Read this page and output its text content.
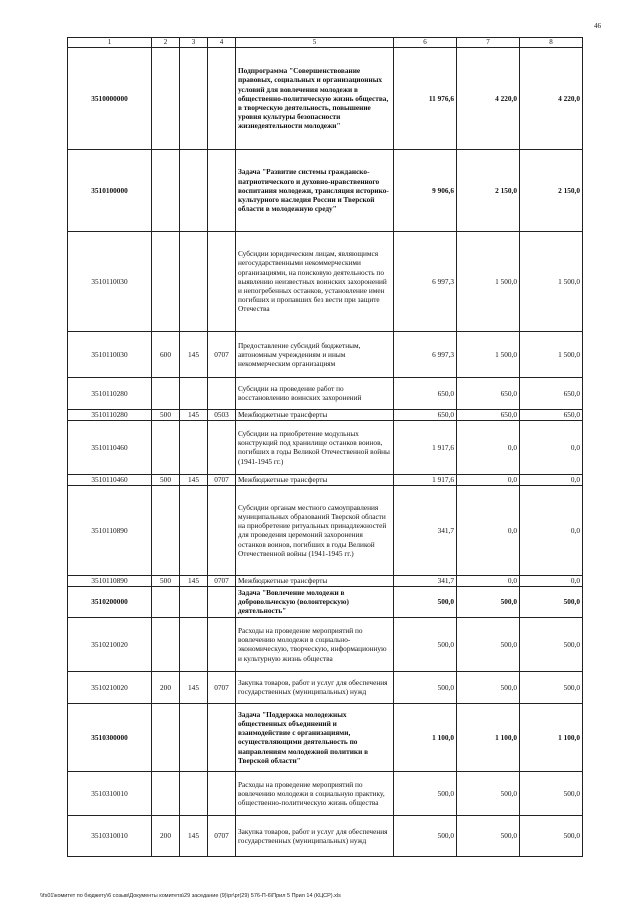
46
1	2	3	4	5	6	7	8
3510000000				Подпрограмма "Совершенствование правовых, социальных и организационных условий для вовлечения молодежи в общественно-политическую жизнь общества, в творческую деятельность, повышение уровня культуры безопасности жизнедеятельности молодежи"	11 976,6	4 220,0	4 220,0
3510100000				Задача "Развитие системы гражданско-патриотического и духовно-нравственного воспитания молодежи, трансляция историко-культурного наследия России и Тверской области в молодежную среду"	9 906,6	2 150,0	2 150,0
3510110030				Субсидии юридическим лицам, являющимся негосударственными некоммерческими организациями, на поисковую деятельность по выявлению неизвестных воинских захоронений и непогребенных останков, установление имен погибших и пропавших без вести при защите Отечества	6 997,3	1 500,0	1 500,0
3510110030	600	145	0707	Предоставление субсидий бюджетным, автономным учреждениям и иным некоммерческим организациям	6 997,3	1 500,0	1 500,0
3510110280				Субсидии на проведение работ по восстановлению воинских захоронений	650,0	650,0	650,0
3510110280	500	145	0503	Межбюджетные трансферты	650,0	650,0	650,0
3510110460				Субсидии на приобретение модульных конструкций под хранилище останков воинов, погибших в годы Великой Отечественной войны (1941-1945 гг.)	1 917,6	0,0	0,0
3510110460	500	145	0707	Межбюджетные трансферты	1 917,6	0,0	0,0
3510110890				Субсидии органам местного самоуправления муниципальных образований Тверской области на приобретение ритуальных принадлежностей для проведения церемоний захоронения останков воинов, погибших в годы Великой Отечественной войны (1941-1945 гг.)	341,7	0,0	0,0
3510110890	500	145	0707	Межбюджетные трансферты	341,7	0,0	0,0
3510200000				Задача "Вовлечение молодежи в добровольческую (волонтерскую) деятельность"	500,0	500,0	500,0
3510210020				Расходы на проведение мероприятий по вовлечению молодежи в социально-экономическую, творческую, информационную и культурную жизнь общества	500,0	500,0	500,0
3510210020	200	145	0707	Закупка товаров, работ и услуг для обеспечения государственных (муниципальных) нужд	500,0	500,0	500,0
3510300000				Задача "Поддержка молодежных общественных объединений и взаимодействие с организациями, осуществляющими деятельность по направлениям молодежной политики в Тверской области"	1 100,0	1 100,0	1 100,0
3510310010				Расходы на проведение мероприятий по вовлечению молодежи в социальную практику, общественно-политическую жизнь общества	500,0	500,0	500,0
3510310010	200	145	0707	Закупка товаров, работ и услуг для обеспечения государственных (муниципальных) нужд	500,0	500,0	500,0
\\fs01\комитет по бюджету\6 созыв\Документы комитета\29 заседание (9)\pr\pr(29) 576-П-6\Прил 5 Прил 14 (КЦСР).xls
